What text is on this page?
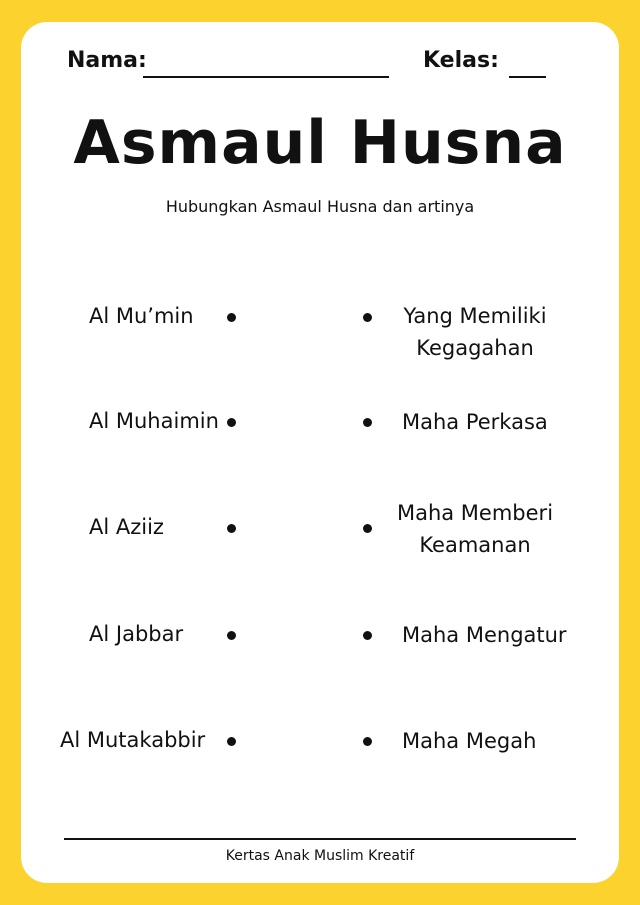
Nama:	Kelas:
Asmaul Husna
Hubungkan Asmaul Husna dan artinya
Al Mu’min
Al Muhaimin
Al Aziiz
Al Jabbar
Al Mutakabbir
Yang Memiliki
Kegagahan
Maha Perkasa
Maha Memberi
Keamanan
Maha Mengatur
Maha Megah
Kertas Anak Muslim Kreatif
